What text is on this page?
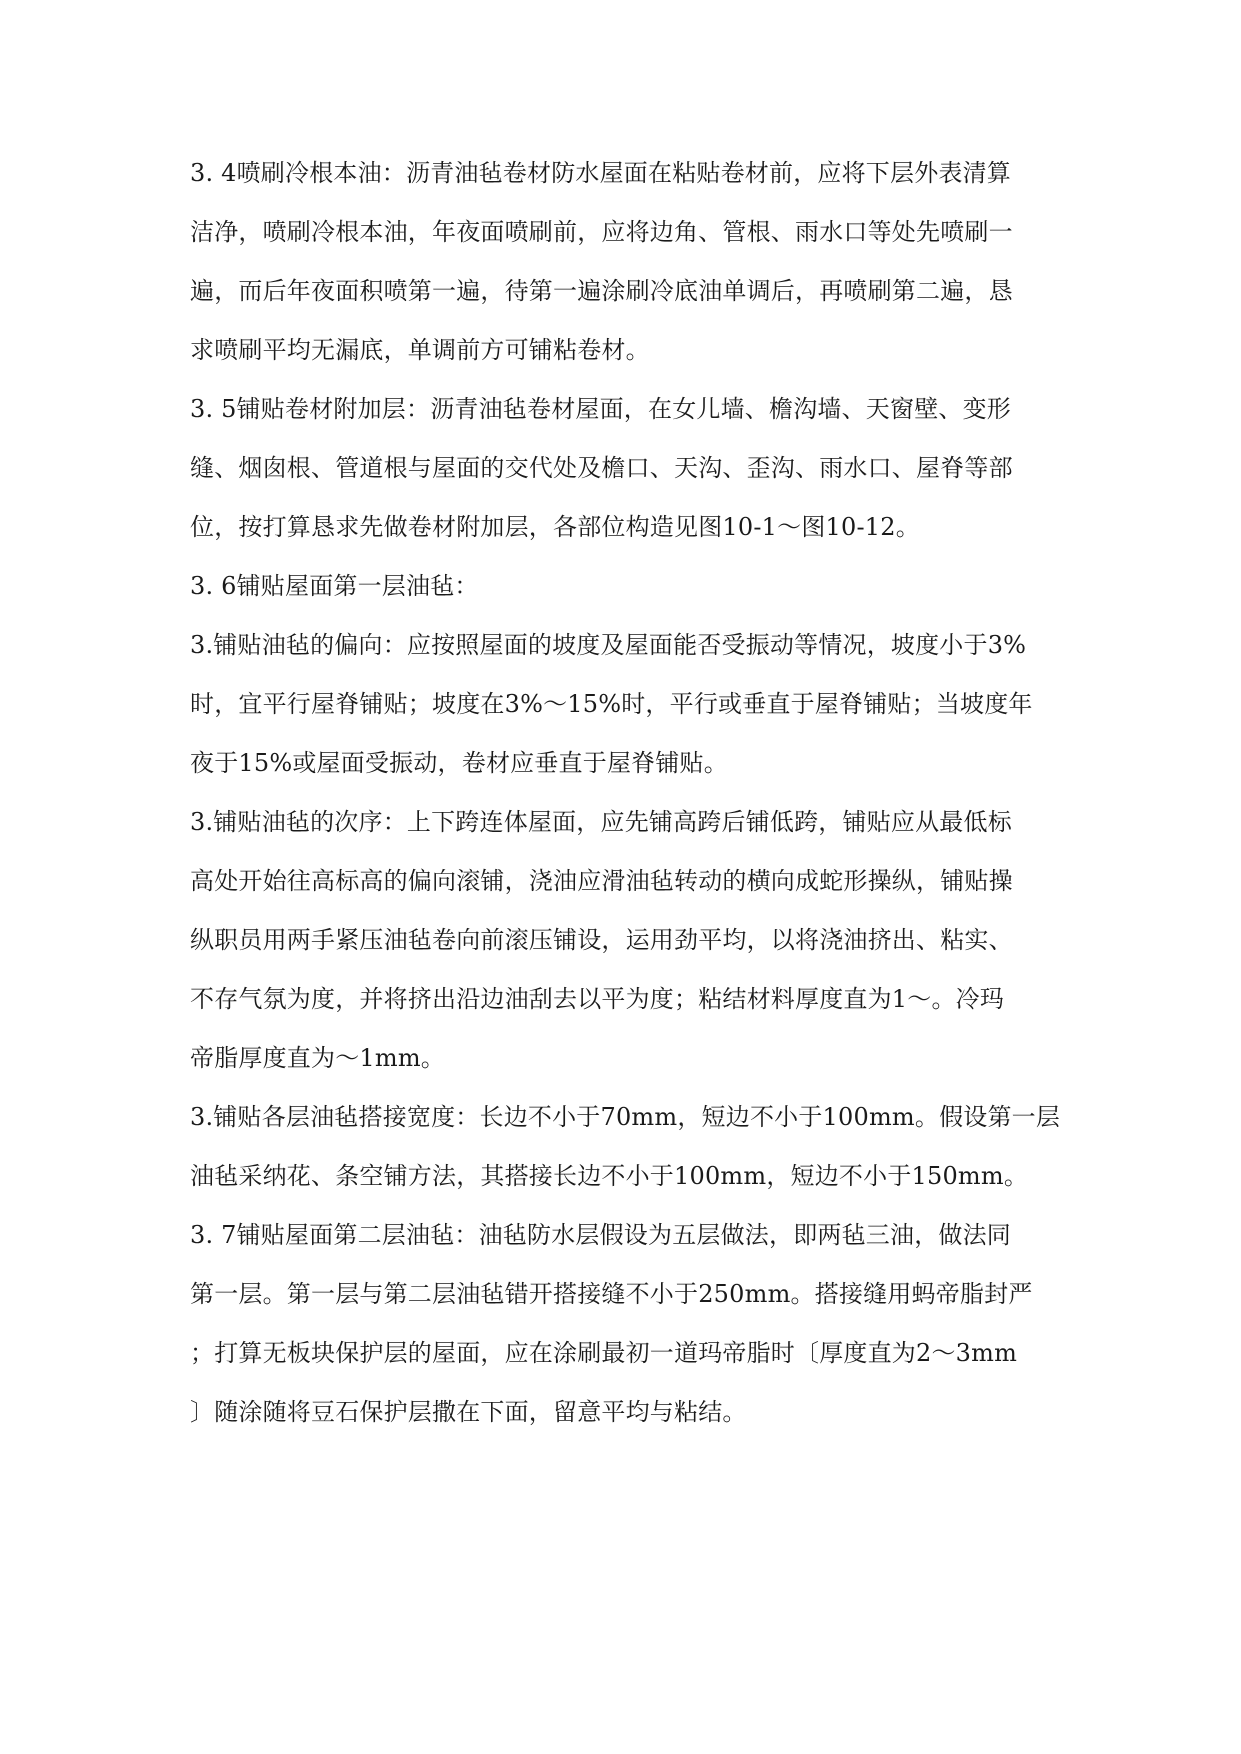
3. 4喷刷冷根本油：沥青油毡卷材防水屋面在粘贴卷材前，应将下层外表清算
洁净，喷刷冷根本油，年夜面喷刷前，应将边角、管根、雨水口等处先喷刷一
遍，而后年夜面积喷第一遍，待第一遍涂刷冷底油单调后，再喷刷第二遍，恳
求喷刷平均无漏底，单调前方可铺粘卷材。
3. 5铺贴卷材附加层：沥青油毡卷材屋面，在女儿墙、檐沟墙、天窗壁、变形
缝、烟囱根、管道根与屋面的交代处及檐口、天沟、歪沟、雨水口、屋脊等部
位，按打算恳求先做卷材附加层，各部位构造见图10-1～图10-12。
3. 6铺贴屋面第一层油毡：
3.铺贴油毡的偏向：应按照屋面的坡度及屋面能否受振动等情况，坡度小于3%
时，宜平行屋脊铺贴；坡度在3%～15%时，平行或垂直于屋脊铺贴；当坡度年
夜于15%或屋面受振动，卷材应垂直于屋脊铺贴。
3.铺贴油毡的次序：上下跨连体屋面，应先铺高跨后铺低跨，铺贴应从最低标
高处开始往高标高的偏向滚铺，浇油应滑油毡转动的横向成蛇形操纵，铺贴操
纵职员用两手紧压油毡卷向前滚压铺设，运用劲平均，以将浇油挤出、粘实、
不存气氛为度，并将挤出沿边油刮去以平为度；粘结材料厚度直为1～。冷玛
帝脂厚度直为～1mm。
3.铺贴各层油毡搭接宽度：长边不小于70mm，短边不小于100mm。假设第一层
油毡采纳花、条空铺方法，其搭接长边不小于100mm，短边不小于150mm。
3. 7铺贴屋面第二层油毡：油毡防水层假设为五层做法，即两毡三油，做法同
第一层。第一层与第二层油毡错开搭接缝不小于250mm。搭接缝用蚂帝脂封严
；打算无板块保护层的屋面，应在涂刷最初一道玛帝脂时〔厚度直为2～3mm
〕随涂随将豆石保护层撒在下面，留意平均与粘结。
